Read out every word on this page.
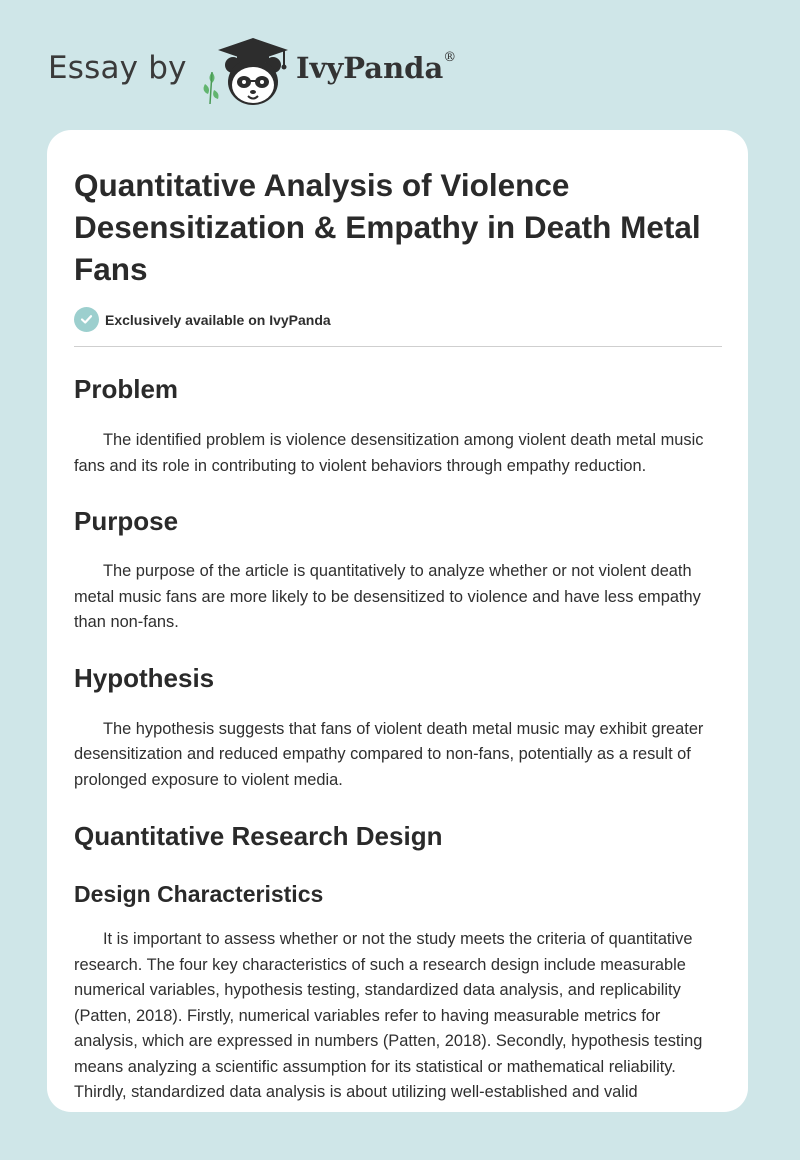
Essay by	IvyPanda®
Quantitative Analysis of Violence Desensitization & Empathy in Death Metal Fans
Exclusively available on IvyPanda
Problem

The identified problem is violence desensitization among violent death metal music fans and its role in contributing to violent behaviors through empathy reduction.

Purpose

The purpose of the article is quantitatively to analyze whether or not violent death metal music fans are more likely to be desensitized to violence and have less empathy than non-fans.

Hypothesis

The hypothesis suggests that fans of violent death metal music may exhibit greater desensitization and reduced empathy compared to non-fans, potentially as a result of prolonged exposure to violent media.

Quantitative Research Design
Design Characteristics

It is important to assess whether or not the study meets the criteria of quantitative research. The four key characteristics of such a research design include measurable numerical variables, hypothesis testing, standardized data analysis, and replicability (Patten, 2018). Firstly, numerical variables refer to having measurable metrics for analysis, which are expressed in numbers (Patten, 2018). Secondly, hypothesis testing means analyzing a scientific assumption for its statistical or mathematical reliability. Thirdly, standardized data analysis is about utilizing well-established and valid
